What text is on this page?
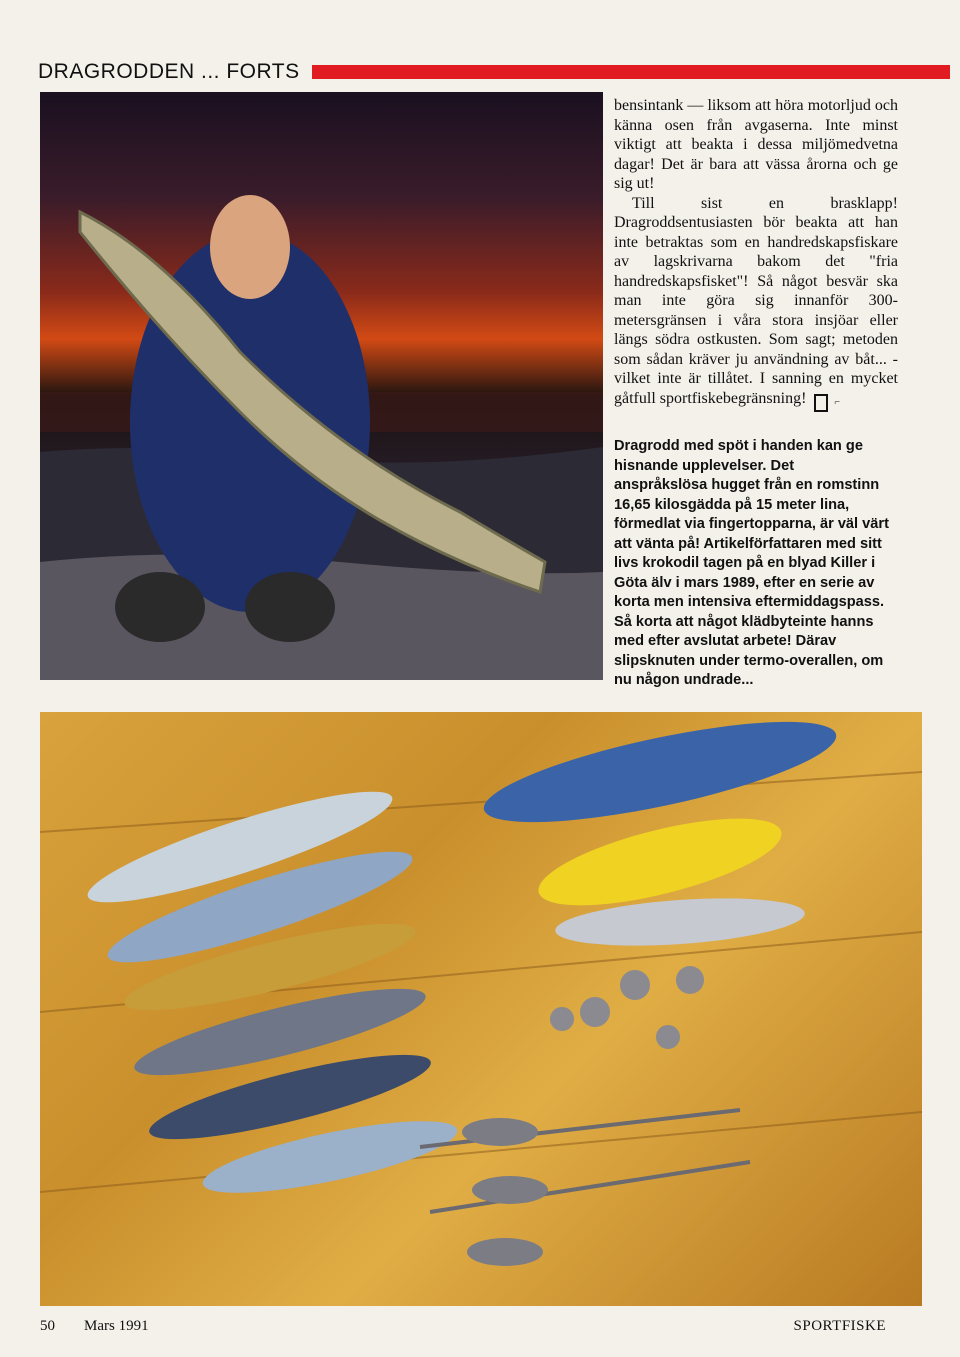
DRAGRODDEN ... FORTS

bensintank — liksom att höra motorljud och känna osen från avgaserna. Inte minst viktigt att beakta i dessa miljömedvetna dagar! Det är bara att vässa årorna och ge sig ut!

Till sist en brasklapp! Dragroddsentusiasten bör beakta att han inte betraktas som en handredskapsfiskare av lagskrivarna bakom det "fria handredskapsfisket"! Så något besvär ska man inte göra sig innanför 300-metersgränsen i våra stora insjöar eller längs södra ostkusten. Som sagt; metoden som sådan kräver ju användning av båt... - vilket inte är tillåtet. I sanning en mycket gåtfull sportfiskebegränsning!	⌐

Dragrodd med spöt i handen kan ge hisnande upplevelser. Det anspråkslösa hugget från en romstinn 16,65 kilosgädda på 15 meter lina, förmedlat via fingertopparna, är väl värt att vänta på! Artikelförfattaren med sitt livs krokodil tagen på en blyad Killer i Göta älv i mars 1989, efter en serie av korta men intensiva eftermiddagspass. Så korta att något klädbyteinte hanns med efter avslutat arbete! Därav slipsknuten under termo-overallen, om nu någon undrade...
50 Mars 1991	SPORTFISKE
